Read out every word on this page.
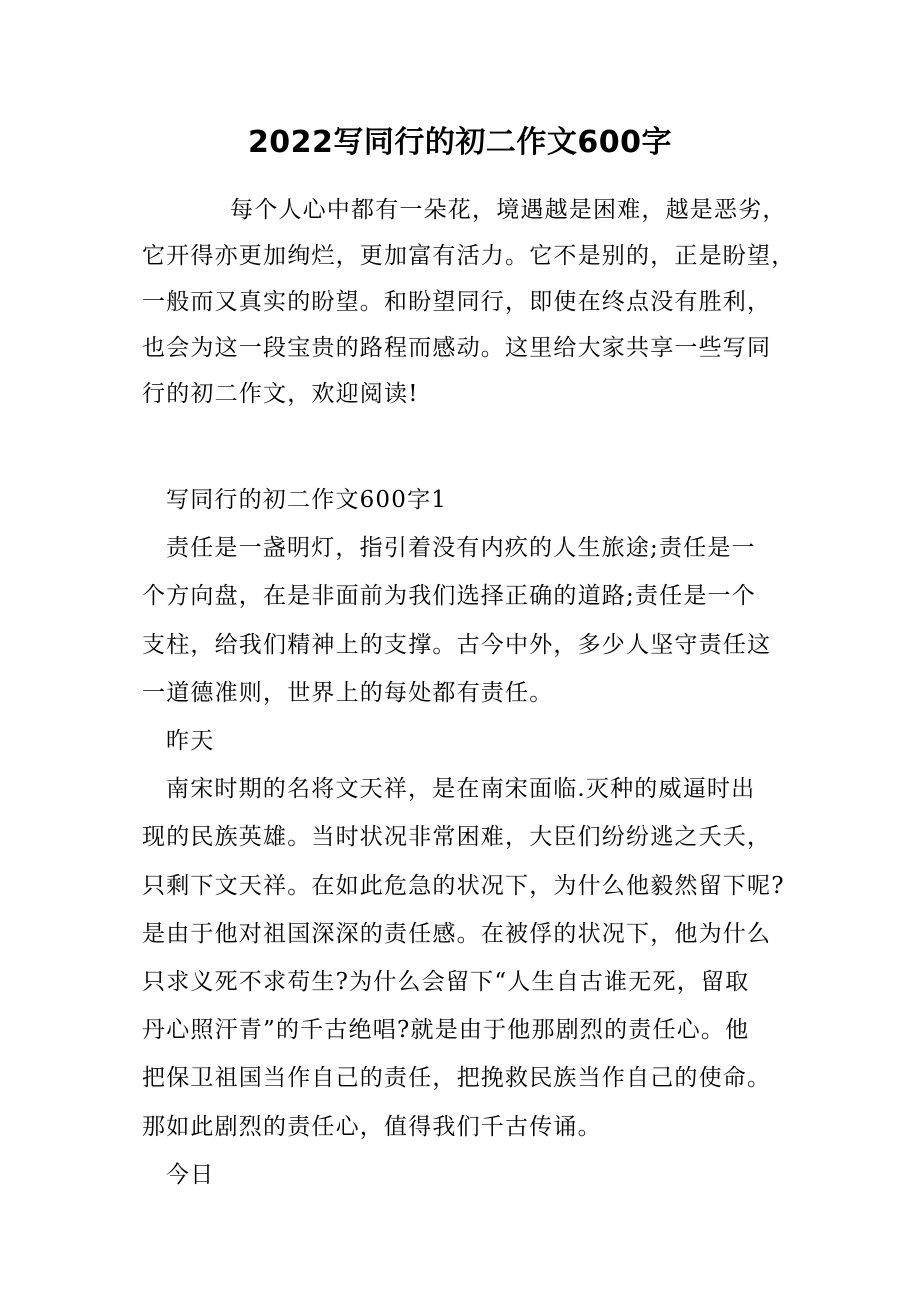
2022写同行的初二作文600字

每个人心中都有一朵花，境遇越是困难，越是恶劣，

它开得亦更加绚烂，更加富有活力。它不是别的，正是盼望，

一般而又真实的盼望。和盼望同行，即使在终点没有胜利，

也会为这一段宝贵的路程而感动。这里给大家共享一些写同

行的初二作文，欢迎阅读!

写同行的初二作文600字1

责任是一盏明灯，指引着没有内疚的人生旅途;责任是一

个方向盘，在是非面前为我们选择正确的道路;责任是一个

支柱，给我们精神上的支撑。古今中外，多少人坚守责任这

一道德准则，世界上的每处都有责任。

昨天

南宋时期的名将文天祥，是在南宋面临.灭种的威逼时出

现的民族英雄。当时状况非常困难，大臣们纷纷逃之夭夭，

只剩下文天祥。在如此危急的状况下，为什么他毅然留下呢?

是由于他对祖国深深的责任感。在被俘的状况下，他为什么

只求义死不求苟生?为什么会留下“人生自古谁无死，留取

丹心照汗青”的千古绝唱?就是由于他那剧烈的责任心。他

把保卫祖国当作自己的责任，把挽救民族当作自己的使命。

那如此剧烈的责任心，值得我们千古传诵。

今日
